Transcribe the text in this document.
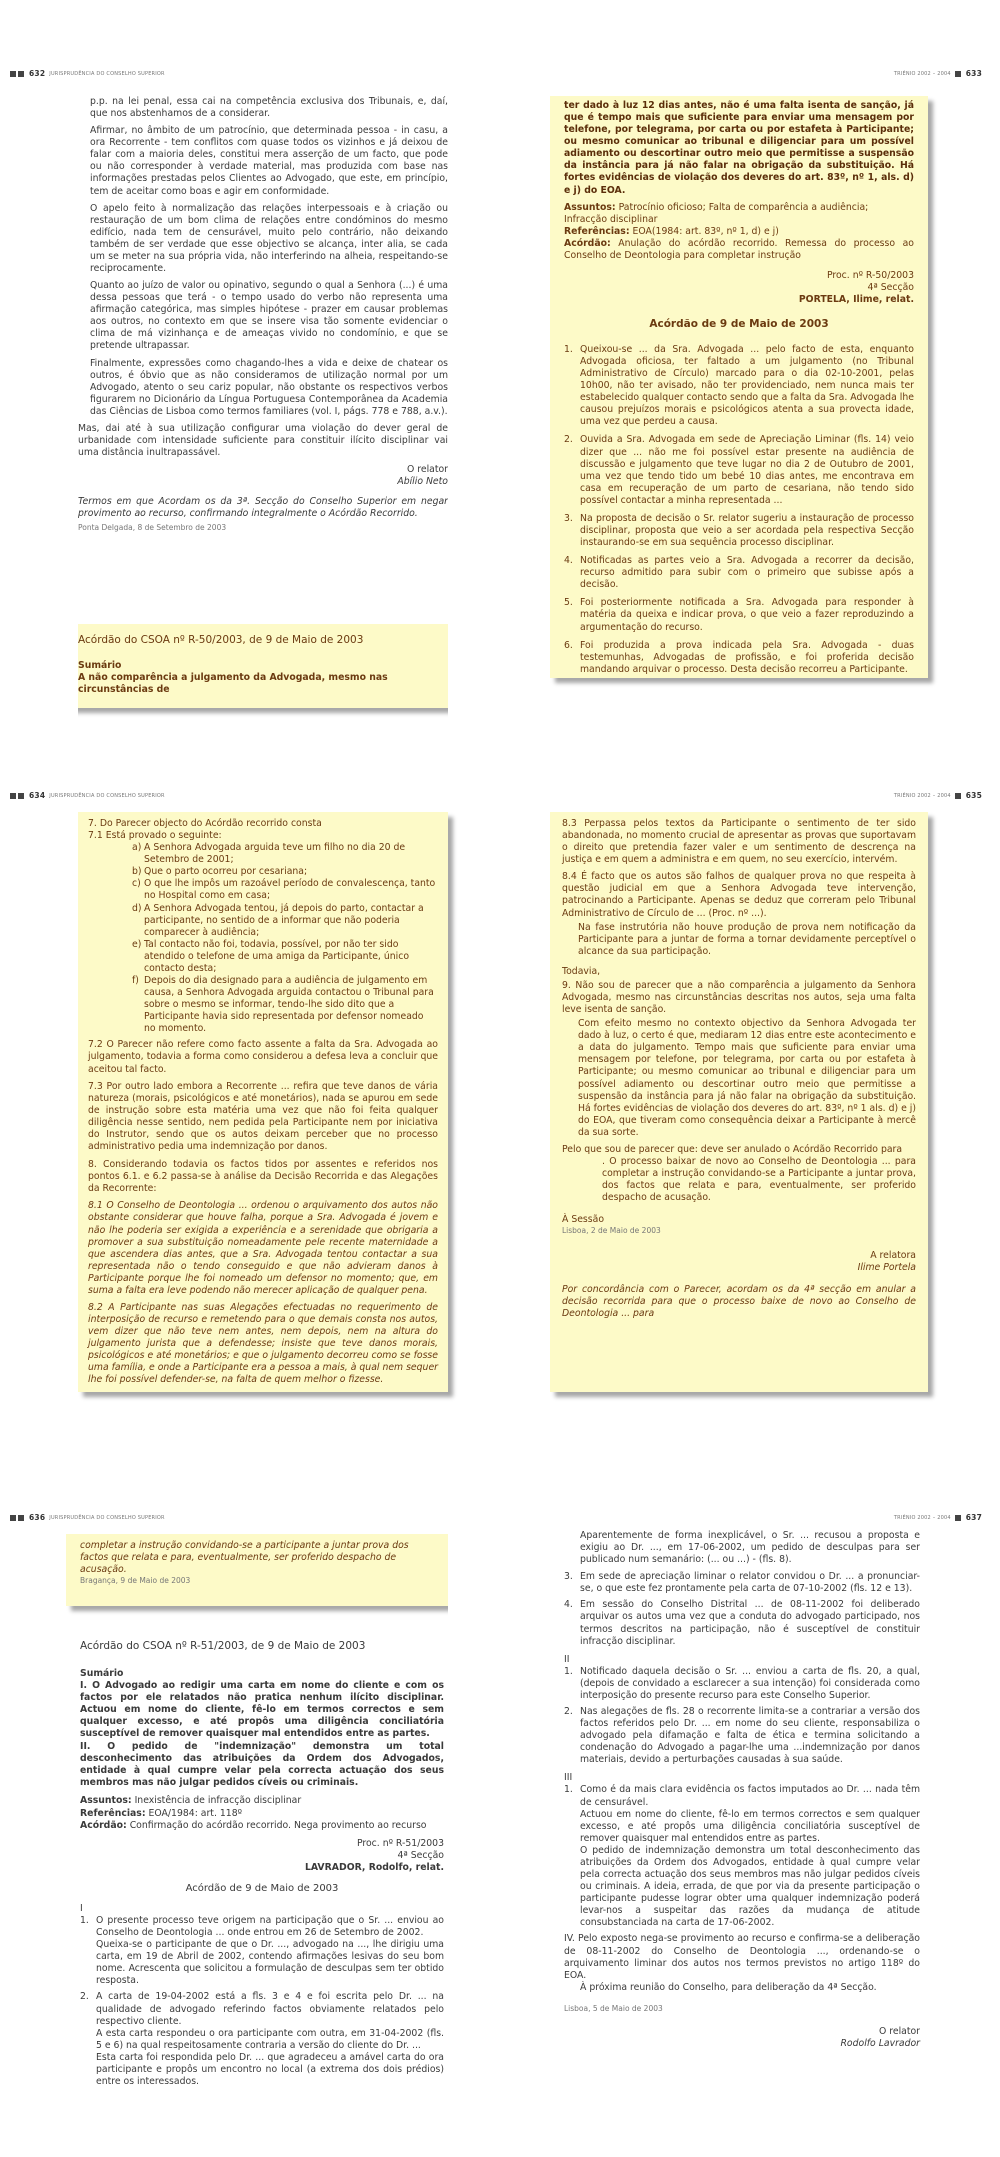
632 JURISPRUDÊNCIA DO CONSELHO SUPERIOR	TRIÉNIO 2002 – 2004 633
p.p. na lei penal, essa cai na competência exclusiva dos Tribunais, e, daí, que nos abstenhamos de a considerar.
Afirmar, no âmbito de um patrocínio, que determinada pessoa - in casu, a ora Recorrente - tem conflitos com quase todos os vizinhos e já deixou de falar com a maioria deles, constitui mera asserção de um facto, que pode ou não corresponder à verdade material, mas produzida com base nas informações prestadas pelos Clientes ao Advogado, que este, em princípio, tem de aceitar como boas e agir em conformidade.
O apelo feito à normalização das relações interpessoais e à criação ou restauração de um bom clima de relações entre condóminos do mesmo edifício, nada tem de censurável, muito pelo contrário, não deixando também de ser verdade que esse objectivo se alcança, inter alia, se cada um se meter na sua própria vida, não interferindo na alheia, respeitando-se reciprocamente.
Quanto ao juízo de valor ou opinativo, segundo o qual a Senhora (...) é uma dessa pessoas que terá - o tempo usado do verbo não representa uma afirmação categórica, mas simples hipótese - prazer em causar problemas aos outros, no contexto em que se insere visa tão somente evidenciar o clima de má vizinhança e de ameaças vivido no condomínio, e que se pretende ultrapassar.
Finalmente, expressões como chagando-lhes a vida e deixe de chatear os outros, é óbvio que as não consideramos de utilização normal por um Advogado, atento o seu cariz popular, não obstante os respectivos verbos figurarem no Dicionário da Língua Portuguesa Contemporânea da Academia das Ciências de Lisboa como termos familiares (vol. I, págs. 778 e 788, a.v.).
Mas, dai até à sua utilização configurar uma violação do dever geral de urbanidade com intensidade suficiente para constituir ilícito disciplinar vai uma distância inultrapassável.
O relator
Abílio Neto
Termos em que Acordam os da 3ª. Secção do Conselho Superior em negar provimento ao recurso, confirmando integralmente o Acórdão Recorrido.
Ponta Delgada, 8 de Setembro de 2003
Acórdão do CSOA nº R-50/2003, de 9 de Maio de 2003
Sumário
A não comparência a julgamento da Advogada, mesmo nas circunstâncias de
ter dado à luz 12 dias antes, não é uma falta isenta de sanção, já que é tempo mais que suficiente para enviar uma mensagem por telefone, por telegrama, por carta ou por estafeta à Participante; ou mesmo comunicar ao tribunal e diligenciar para um possível adiamento ou descortinar outro meio que permitisse a suspensão da instância para já não falar na obrigação da substituição. Há fortes evidências de violação dos deveres do art. 83º, nº 1, als. d) e j) do EOA.
Assuntos: Patrocínio oficioso; Falta de comparência a audiência; Infracção disciplinar
Referências: EOA(1984: art. 83º, nº 1, d) e j)
Acórdão: Anulação do acórdão recorrido. Remessa do processo ao Conselho de Deontologia para completar instrução
Proc. nº R-50/2003
4ª Secção
PORTELA, Ilime, relat.
Acórdão de 9 de Maio de 2003
1. Queixou-se ... da Sra. Advogada ... pelo facto de esta, enquanto Advogada oficiosa, ter faltado a um julgamento (no Tribunal Administrativo de Círculo) marcado para o dia 02-10-2001, pelas 10h00, não ter avisado, não ter providenciado, nem nunca mais ter estabelecido qualquer contacto sendo que a falta da Sra. Advogada lhe causou prejuízos morais e psicológicos atenta a sua provecta idade, uma vez que perdeu a causa.
2. Ouvida a Sra. Advogada em sede de Apreciação Liminar (fls. 14) veio dizer que ... não me foi possível estar presente na audiência de discussão e julgamento que teve lugar no dia 2 de Outubro de 2001, uma vez que tendo tido um bebé 10 dias antes, me encontrava em casa em recuperação de um parto de cesariana, não tendo sido possível contactar a minha representada ...
3. Na proposta de decisão o Sr. relator sugeriu a instauração de processo disciplinar, proposta que veio a ser acordada pela respectiva Secção instaurando-se em sua sequência processo disciplinar.
4. Notificadas as partes veio a Sra. Advogada a recorrer da decisão, recurso admitido para subir com o primeiro que subisse após a decisão.
5. Foi posteriormente notificada a Sra. Advogada para responder à matéria da queixa e indicar prova, o que veio a fazer reproduzindo a argumentação do recurso.
6. Foi produzida a prova indicada pela Sra. Advogada - duas testemunhas, Advogadas de profissão, e foi proferida decisão mandando arquivar o processo. Desta decisão recorreu a Participante.
634 JURISPRUDÊNCIA DO CONSELHO SUPERIOR	TRIÉNIO 2002 – 2004 635
7. Do Parecer objecto do Acórdão recorrido consta
7.1 Está provado o seguinte:
a) A Senhora Advogada arguida teve um filho no dia 20 de Setembro de 2001;
b) Que o parto ocorreu por cesariana;
c) O que lhe impôs um razoável período de convalescença, tanto no Hospital como em casa;
d) A Senhora Advogada tentou, já depois do parto, contactar a participante, no sentido de a informar que não poderia comparecer à audiência;
e) Tal contacto não foi, todavia, possível, por não ter sido atendido o telefone de uma amiga da Participante, único contacto desta;
f) Depois do dia designado para a audiência de julgamento em causa, a Senhora Advogada arguida contactou o Tribunal para sobre o mesmo se informar, tendo-lhe sido dito que a Participante havia sido representada por defensor nomeado no momento.
7.2 O Parecer não refere como facto assente a falta da Sra. Advogada ao julgamento, todavia a forma como considerou a defesa leva a concluir que aceitou tal facto.
7.3 Por outro lado embora a Recorrente ... refira que teve danos de vária natureza (morais, psicológicos e até monetários), nada se apurou em sede de instrução sobre esta matéria uma vez que não foi feita qualquer diligência nesse sentido, nem pedida pela Participante nem por iniciativa do Instrutor, sendo que os autos deixam perceber que no processo administrativo pedia uma indemnização por danos.
8. Considerando todavia os factos tidos por assentes e referidos nos pontos 6.1. e 6.2 passa-se à análise da Decisão Recorrida e das Alegações da Recorrente:
8.1 O Conselho de Deontologia ... ordenou o arquivamento dos autos não obstante considerar que houve falha, porque a Sra. Advogada é jovem e não lhe poderia ser exigida a experiência e a serenidade que obrigaria a promover a sua substituição nomeadamente pele recente maternidade a que ascendera dias antes, que a Sra. Advogada tentou contactar a sua representada não o tendo conseguido e que não advieram danos à Participante porque lhe foi nomeado um defensor no momento; que, em suma a falta era leve podendo não merecer aplicação de qualquer pena.
8.2 A Participante nas suas Alegações efectuadas no requerimento de interposição de recurso e remetendo para o que demais consta nos autos, vem dizer que não teve nem antes, nem depois, nem na altura do julgamento jurista que a defendesse; insiste que teve danos morais, psicológicos e até monetários; e que o julgamento decorreu como se fosse uma família, e onde a Participante era a pessoa a mais, à qual nem sequer lhe foi possível defender-se, na falta de quem melhor o fizesse.
8.3 Perpassa pelos textos da Participante o sentimento de ter sido abandonada, no momento crucial de apresentar as provas que suportavam o direito que pretendia fazer valer e um sentimento de descrença na justiça e em quem a administra e em quem, no seu exercício, intervém.
8.4 É facto que os autos são falhos de qualquer prova no que respeita à questão judicial em que a Senhora Advogada teve intervenção, patrocinando a Participante. Apenas se deduz que correram pelo Tribunal Administrativo de Círculo de ... (Proc. nº ...).
Na fase instrutória não houve produção de prova nem notificação da Participante para a juntar de forma a tornar devidamente perceptível o alcance da sua participação.
Todavia,
9. Não sou de parecer que a não comparência a julgamento da Senhora Advogada, mesmo nas circunstâncias descritas nos autos, seja uma falta leve isenta de sanção.
Com efeito mesmo no contexto objectivo da Senhora Advogada ter dado à luz, o certo é que, mediaram 12 dias entre este acontecimento e a data do julgamento. Tempo mais que suficiente para enviar uma mensagem por telefone, por telegrama, por carta ou por estafeta à Participante; ou mesmo comunicar ao tribunal e diligenciar para um possível adiamento ou descortinar outro meio que permitisse a suspensão da instância para já não falar na obrigação da substituição. Há fortes evidências de violação dos deveres do art. 83º, nº 1 als. d) e j) do EOA, que tiveram como consequência deixar a Participante à mercê da sua sorte.
Pelo que sou de parecer que: deve ser anulado o Acórdão Recorrido para
. O processo baixar de novo ao Conselho de Deontologia ... para completar a instrução convidando-se a Participante a juntar prova, dos factos que relata e para, eventualmente, ser proferido despacho de acusação.
À Sessão
Lisboa, 2 de Maio de 2003
A relatora
Ilime Portela
Por concordância com o Parecer, acordam os da 4ª secção em anular a decisão recorrida para que o processo baixe de novo ao Conselho de Deontologia ... para
636 JURISPRUDÊNCIA DO CONSELHO SUPERIOR	TRIÉNIO 2002 – 2004 637
completar a instrução convidando-se a participante a juntar prova dos factos que relata e para, eventualmente, ser proferido despacho de acusação.
Bragança, 9 de Maio de 2003
Acórdão do CSOA nº R-51/2003, de 9 de Maio de 2003
Sumário
I. O Advogado ao redigir uma carta em nome do cliente e com os factos por ele relatados não pratica nenhum ilícito disciplinar. Actuou em nome do cliente, fê-lo em termos correctos e sem qualquer excesso, e até propôs uma diligência conciliatória susceptível de remover quaisquer mal entendidos entre as partes.
II. O pedido de "indemnização" demonstra um total desconhecimento das atribuições da Ordem dos Advogados, entidade à qual cumpre velar pela correcta actuação dos seus membros mas não julgar pedidos cíveis ou criminais.
Assuntos: Inexistência de infracção disciplinar
Referências: EOA/1984: art. 118º
Acórdão: Confirmação do acórdão recorrido. Nega provimento ao recurso
Proc. nº R-51/2003
4ª Secção
LAVRADOR, Rodolfo, relat.
Acórdão de 9 de Maio de 2003
I
1. O presente processo teve origem na participação que o Sr. ... enviou ao Conselho de Deontologia ... onde entrou em 26 de Setembro de 2002.
Queixa-se o participante de que o Dr. ..., advogado na ..., lhe dirigiu uma carta, em 19 de Abril de 2002, contendo afirmações lesivas do seu bom nome. Acrescenta que solicitou a formulação de desculpas sem ter obtido resposta.
2. A carta de 19-04-2002 está a fls. 3 e 4 e foi escrita pelo Dr. ... na qualidade de advogado referindo factos obviamente relatados pelo respectivo cliente.
A esta carta respondeu o ora participante com outra, em 31-04-2002 (fls. 5 e 6) na qual respeitosamente contraria a versão do cliente do Dr. ...
Esta carta foi respondida pelo Dr. ... que agradeceu a amável carta do ora participante e propôs um encontro no local (a extrema dos dois prédios) entre os interessados.
Aparentemente de forma inexplicável, o Sr. ... recusou a proposta e exigiu ao Dr. ..., em 17-06-2002, um pedido de desculpas para ser publicado num semanário: (... ou ...) - (fls. 8).
3. Em sede de apreciação liminar o relator convidou o Dr. ... a pronunciar-se, o que este fez prontamente pela carta de 07-10-2002 (fls. 12 e 13).
4. Em sessão do Conselho Distrital ... de 08-11-2002 foi deliberado arquivar os autos uma vez que a conduta do advogado participado, nos termos descritos na participação, não é susceptível de constituir infracção disciplinar.
II
1. Notificado daquela decisão o Sr. ... enviou a carta de fls. 20, a qual, (depois de convidado a esclarecer a sua intenção) foi considerada como interposição do presente recurso para este Conselho Superior.
2. Nas alegações de fls. 28 o recorrente limita-se a contrariar a versão dos factos referidos pelo Dr. ... em nome do seu cliente, responsabiliza o advogado pela difamação e falta de ética e termina solicitando a condenação do Advogado a pagar-lhe uma ...indemnização por danos materiais, devido a perturbações causadas à sua saúde.
III
1. Como é da mais clara evidência os factos imputados ao Dr. ... nada têm de censurável.
Actuou em nome do cliente, fê-lo em termos correctos e sem qualquer excesso, e até propôs uma diligência conciliatória susceptível de remover quaisquer mal entendidos entre as partes.
O pedido de indemnização demonstra um total desconhecimento das atribuições da Ordem dos Advogados, entidade à qual cumpre velar pela correcta actuação dos seus membros mas não julgar pedidos cíveis ou criminais. A ideia, errada, de que por via da presente participação o participante pudesse lograr obter uma qualquer indemnização poderá levar-nos a suspeitar das razões da mudança de atitude consubstanciada na carta de 17-06-2002.
IV. Pelo exposto nega-se provimento ao recurso e confirma-se a deliberação de 08-11-2002 do Conselho de Deontologia ..., ordenando-se o arquivamento liminar dos autos nos termos previstos no artigo 118º do EOA.
À próxima reunião do Conselho, para deliberação da 4ª Secção.
Lisboa, 5 de Maio de 2003
O relator
Rodolfo Lavrador
